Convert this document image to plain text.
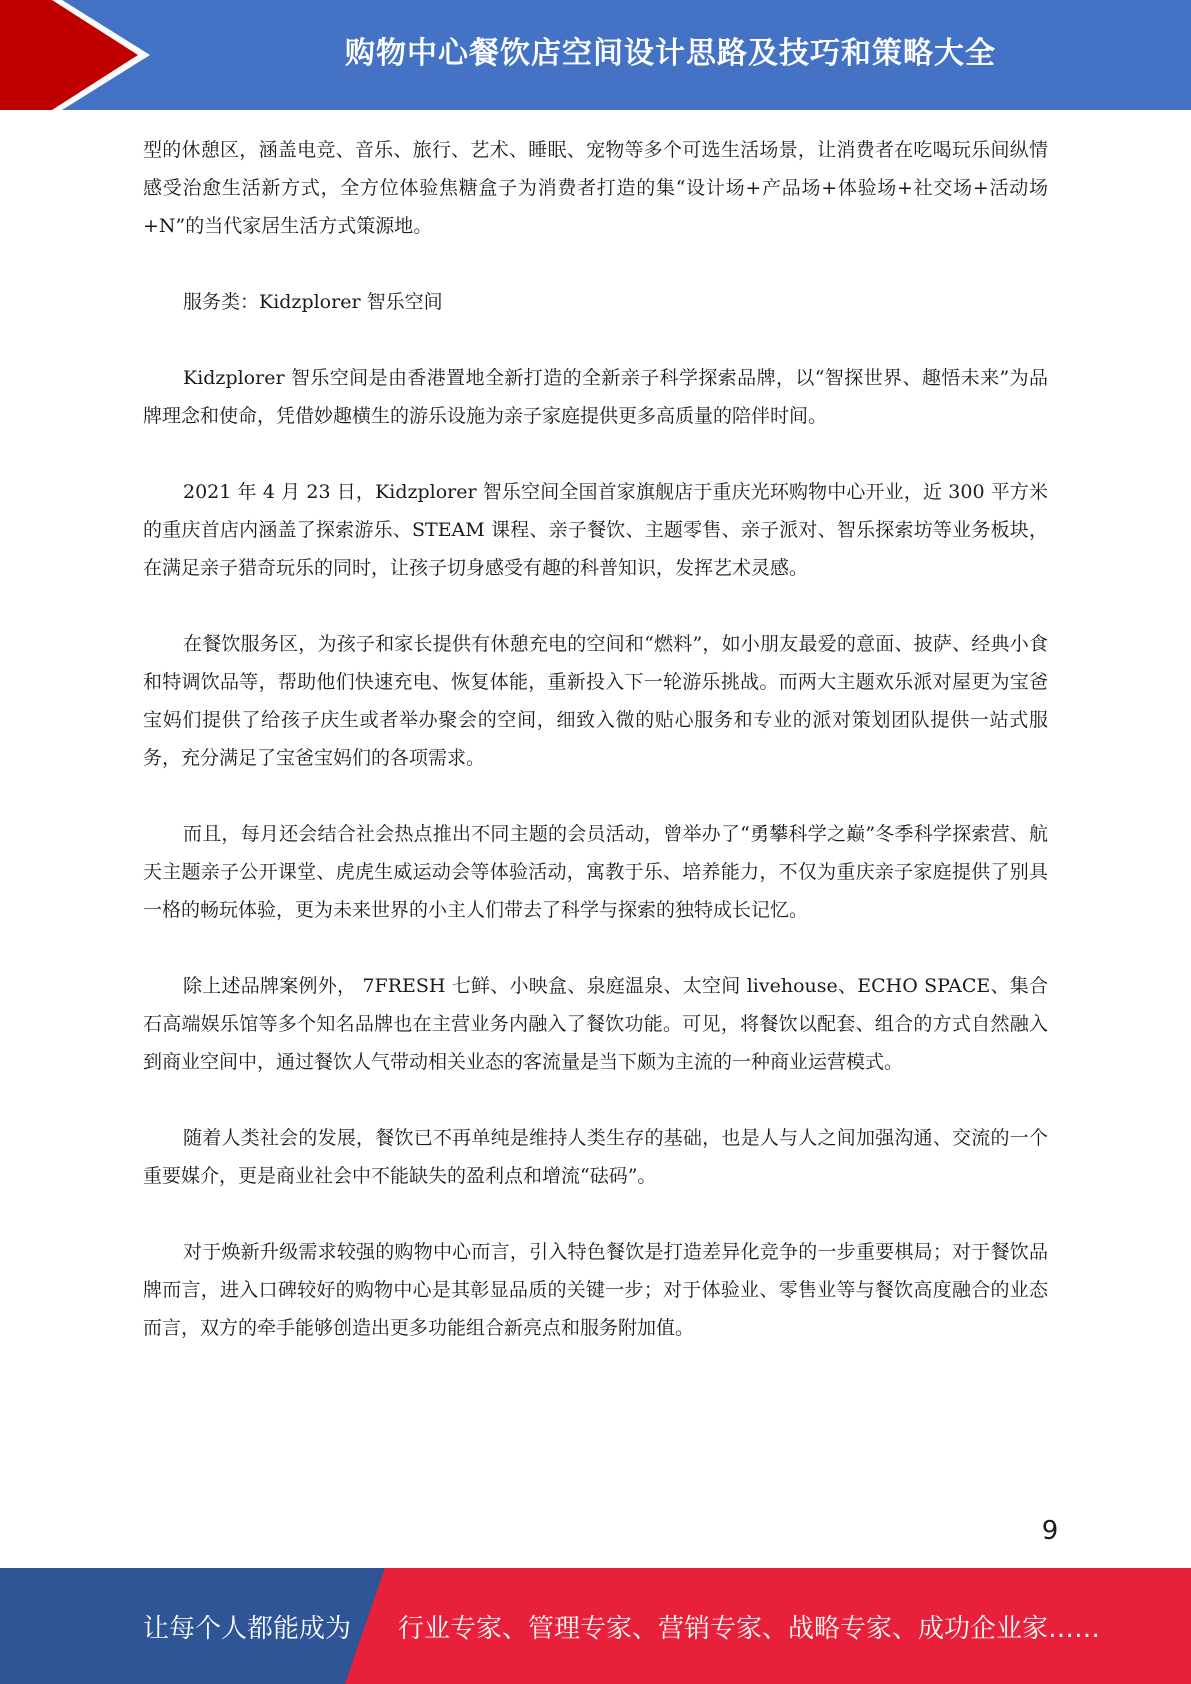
购物中心餐饮店空间设计思路及技巧和策略大全

型的休憩区，涵盖电竞、音乐、旅行、艺术、睡眠、宠物等多个可选生活场景，让消费者在吃喝玩乐间纵情感受治愈生活新方式，全方位体验焦糖盒子为消费者打造的集“设计场+产品场+体验场+社交场+活动场+N”的当代家居生活方式策源地。

服务类：Kidzplorer 智乐空间

Kidzplorer 智乐空间是由香港置地全新打造的全新亲子科学探索品牌，以“智探世界、趣悟未来”为品牌理念和使命，凭借妙趣横生的游乐设施为亲子家庭提供更多高质量的陪伴时间。

2021 年 4 月 23 日，Kidzplorer 智乐空间全国首家旗舰店于重庆光环购物中心开业，近 300 平方米的重庆首店内涵盖了探索游乐、STEAM 课程、亲子餐饮、主题零售、亲子派对、智乐探索坊等业务板块，在满足亲子猎奇玩乐的同时，让孩子切身感受有趣的科普知识，发挥艺术灵感。

在餐饮服务区，为孩子和家长提供有休憩充电的空间和“燃料”，如小朋友最爱的意面、披萨、经典小食和特调饮品等，帮助他们快速充电、恢复体能，重新投入下一轮游乐挑战。而两大主题欢乐派对屋更为宝爸宝妈们提供了给孩子庆生或者举办聚会的空间，细致入微的贴心服务和专业的派对策划团队提供一站式服务，充分满足了宝爸宝妈们的各项需求。

而且，每月还会结合社会热点推出不同主题的会员活动，曾举办了“勇攀科学之巅”冬季科学探索营、航天主题亲子公开课堂、虎虎生威运动会等体验活动，寓教于乐、培养能力，不仅为重庆亲子家庭提供了别具一格的畅玩体验，更为未来世界的小主人们带去了科学与探索的独特成长记忆。

除上述品牌案例外， 7FRESH 七鲜、小映盒、泉庭温泉、太空间 livehouse、ECHO SPACE、集合石高端娱乐馆等多个知名品牌也在主营业务内融入了餐饮功能。可见，将餐饮以配套、组合的方式自然融入到商业空间中，通过餐饮人气带动相关业态的客流量是当下颇为主流的一种商业运营模式。

随着人类社会的发展，餐饮已不再单纯是维持人类生存的基础，也是人与人之间加强沟通、交流的一个重要媒介，更是商业社会中不能缺失的盈利点和增流“砝码”。

对于焕新升级需求较强的购物中心而言，引入特色餐饮是打造差异化竞争的一步重要棋局；对于餐饮品牌而言，进入口碑较好的购物中心是其彰显品质的关键一步；对于体验业、零售业等与餐饮高度融合的业态而言，双方的牵手能够创造出更多功能组合新亮点和服务附加值。

9
让每个人都能成为 行业专家、管理专家、营销专家、战略专家、成功企业家……
